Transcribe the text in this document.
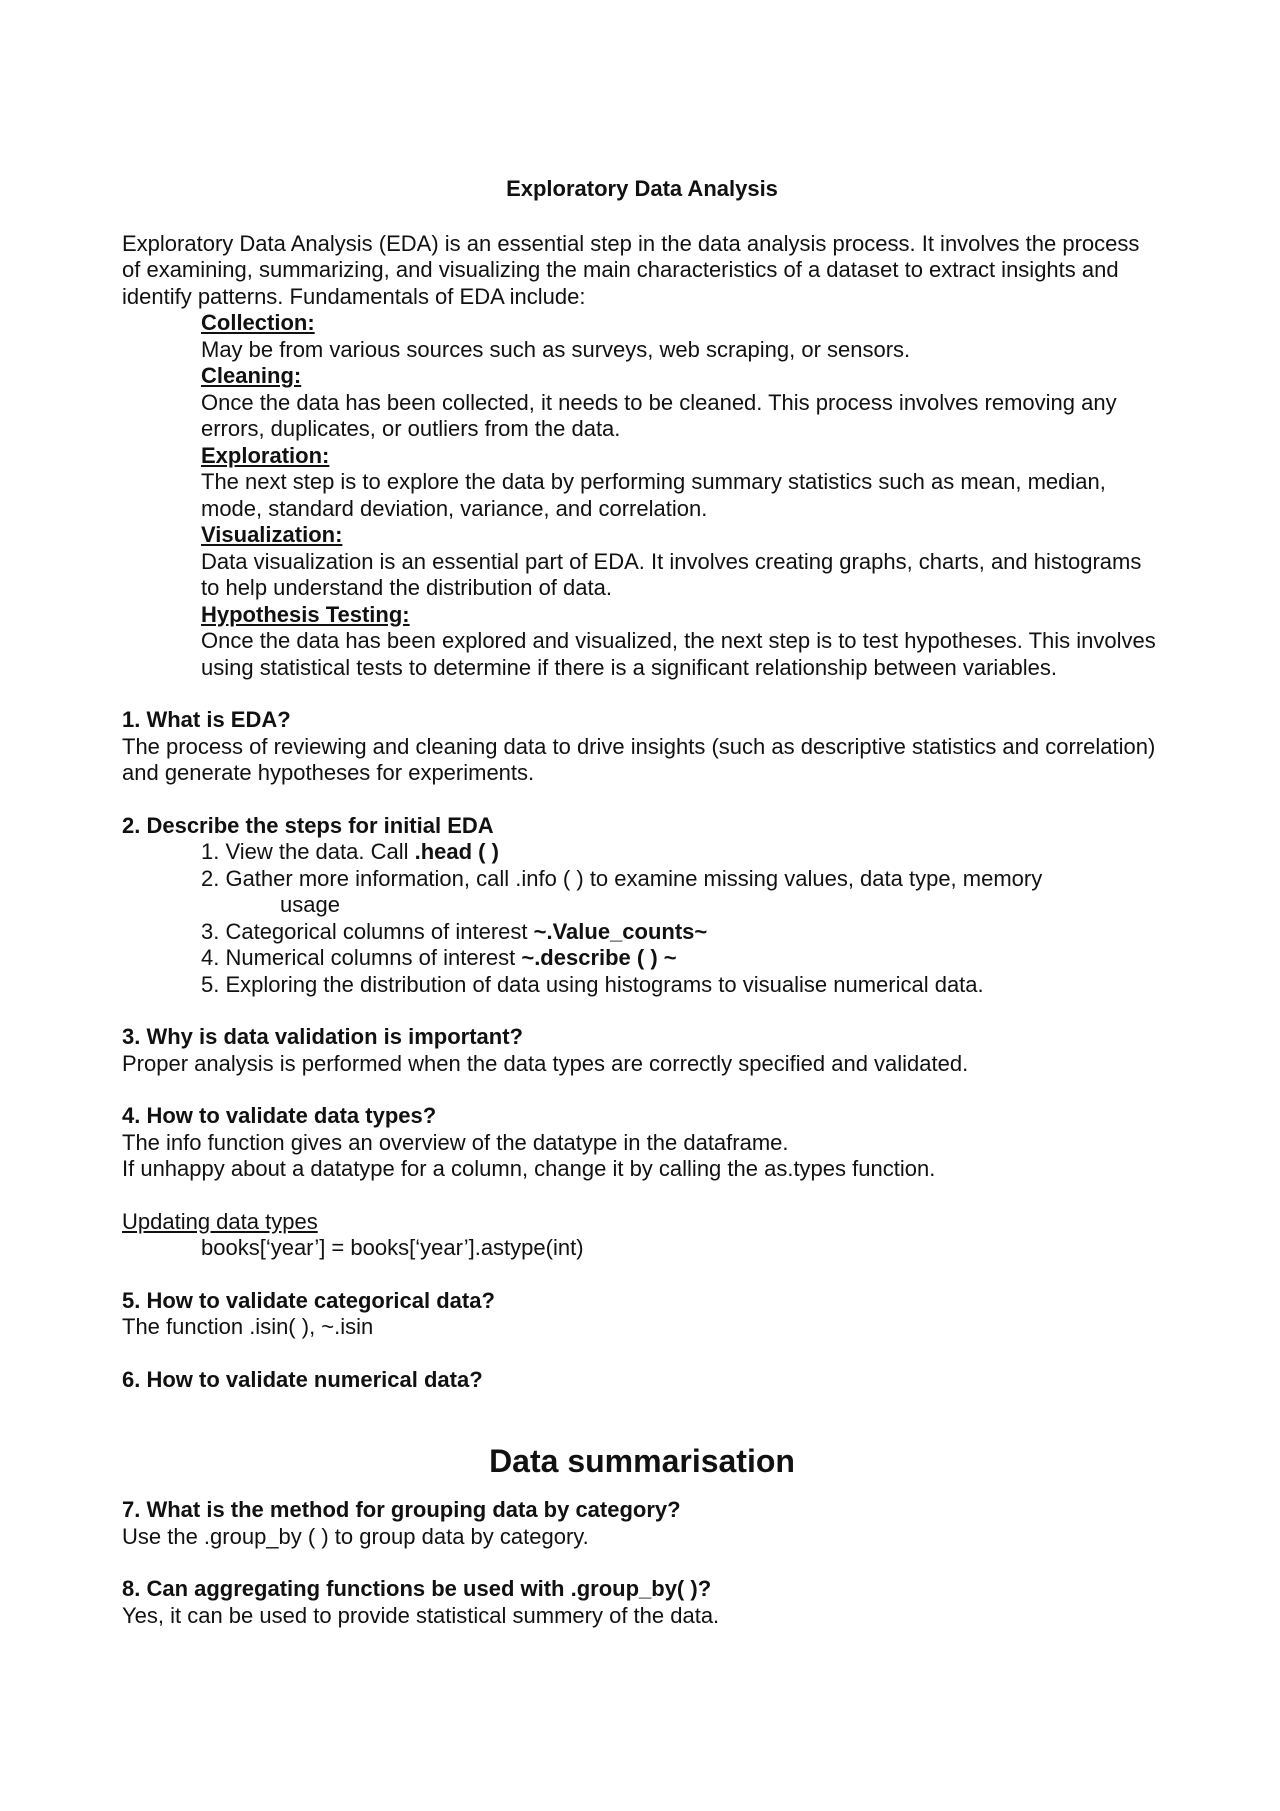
Exploratory Data Analysis

Exploratory Data Analysis (EDA) is an essential step in the data analysis process. It involves the process of examining, summarizing, and visualizing the main characteristics of a dataset to extract insights and identify patterns. Fundamentals of EDA include:

Collection:

May be from various sources such as surveys, web scraping, or sensors.

Cleaning:

Once the data has been collected, it needs to be cleaned. This process involves removing any errors, duplicates, or outliers from the data.

Exploration:

The next step is to explore the data by performing summary statistics such as mean, median, mode, standard deviation, variance, and correlation.

Visualization:

Data visualization is an essential part of EDA. It involves creating graphs, charts, and histograms to help understand the distribution of data.

Hypothesis Testing:

Once the data has been explored and visualized, the next step is to test hypotheses. This involves using statistical tests to determine if there is a significant relationship between variables.

1. What is EDA?

The process of reviewing and cleaning data to drive insights (such as descriptive statistics and correlation) and generate hypotheses for experiments.

2. Describe the steps for initial EDA

1. View the data. Call .head ( )

2. Gather more information, call .info ( ) to examine missing values, data type, memory

usage

3. Categorical columns of interest ~.Value_counts~

4. Numerical columns of interest ~.describe ( ) ~

5. Exploring the distribution of data using histograms to visualise numerical data.

3. Why is data validation is important?

Proper analysis is performed when the data types are correctly specified and validated.

4. How to validate data types?

The info function gives an overview of the datatype in the dataframe.

If unhappy about a datatype for a column, change it by calling the as.types function.

Updating data types

books[‘year’] = books[‘year’].astype(int)

5. How to validate categorical data?

The function .isin( ), ~.isin

6. How to validate numerical data?

Data summarisation

7. What is the method for grouping data by category?

Use the .group_by ( ) to group data by category.

8. Can aggregating functions be used with .group_by( )?

Yes, it can be used to provide statistical summery of the data.
